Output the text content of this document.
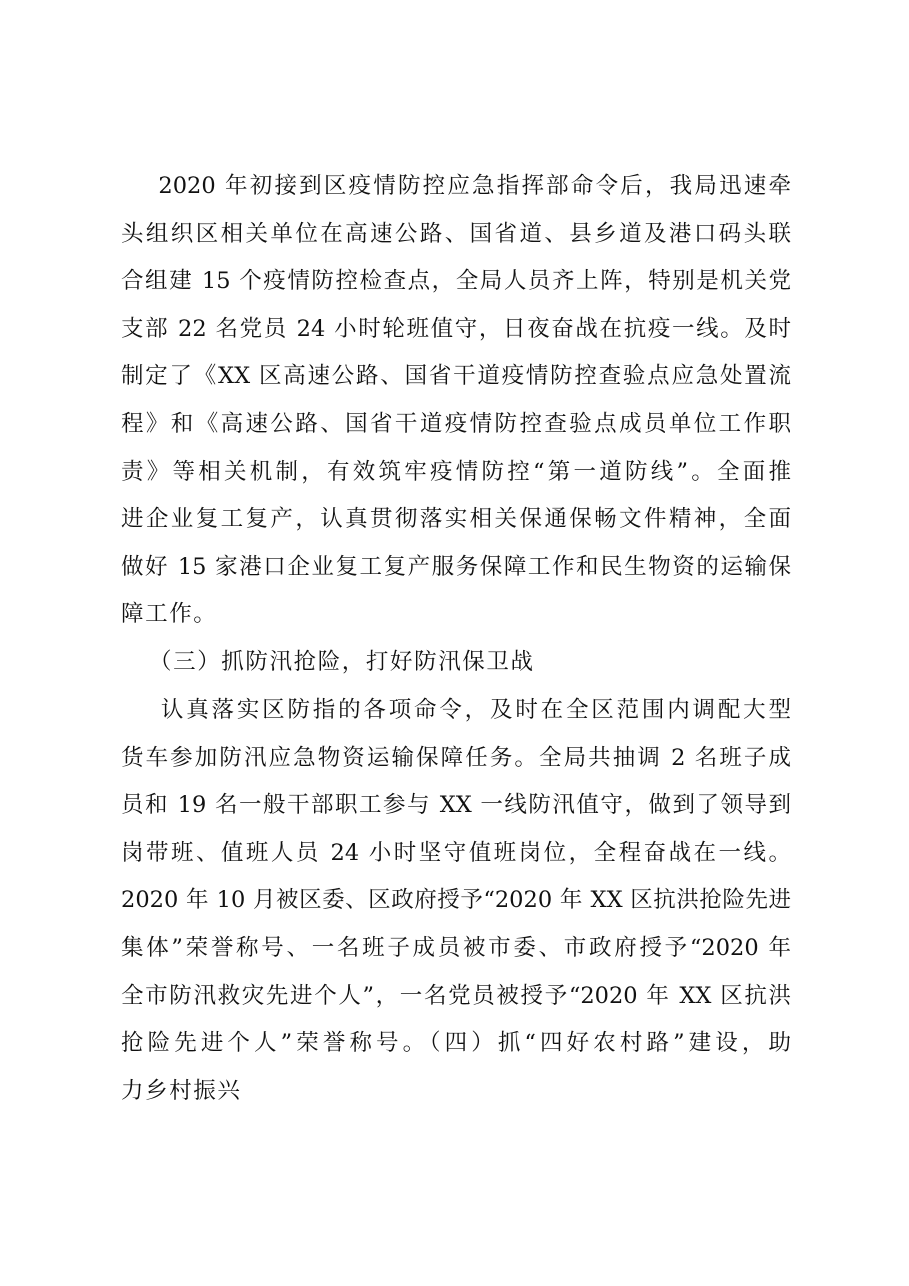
2020 年初接到区疫情防控应急指挥部命令后，我局迅速牵
头组织区相关单位在高速公路、国省道、县乡道及港口码头联
合组建 15 个疫情防控检查点，全局人员齐上阵，特别是机关党
支部 22 名党员 24 小时轮班值守，日夜奋战在抗疫一线。及时
制定了《XX 区高速公路、国省干道疫情防控查验点应急处置流
程》和《高速公路、国省干道疫情防控查验点成员单位工作职
责》等相关机制，有效筑牢疫情防控“第一道防线”。全面推
进企业复工复产，认真贯彻落实相关保通保畅文件精神，全面
做好 15 家港口企业复工复产服务保障工作和民生物资的运输保
障工作。
（三）抓防汛抢险，打好防汛保卫战
认真落实区防指的各项命令，及时在全区范围内调配大型
货车参加防汛应急物资运输保障任务。全局共抽调 2 名班子成
员和 19 名一般干部职工参与 XX 一线防汛值守，做到了领导到
岗带班、值班人员 24 小时坚守值班岗位，全程奋战在一线。
2020 年 10 月被区委、区政府授予“2020 年 XX 区抗洪抢险先进
集体”荣誉称号、一名班子成员被市委、市政府授予“2020 年
全市防汛救灾先进个人”，一名党员被授予“2020 年 XX 区抗洪
抢险先进个人”荣誉称号。（四）抓“四好农村路”建设，助
力乡村振兴
